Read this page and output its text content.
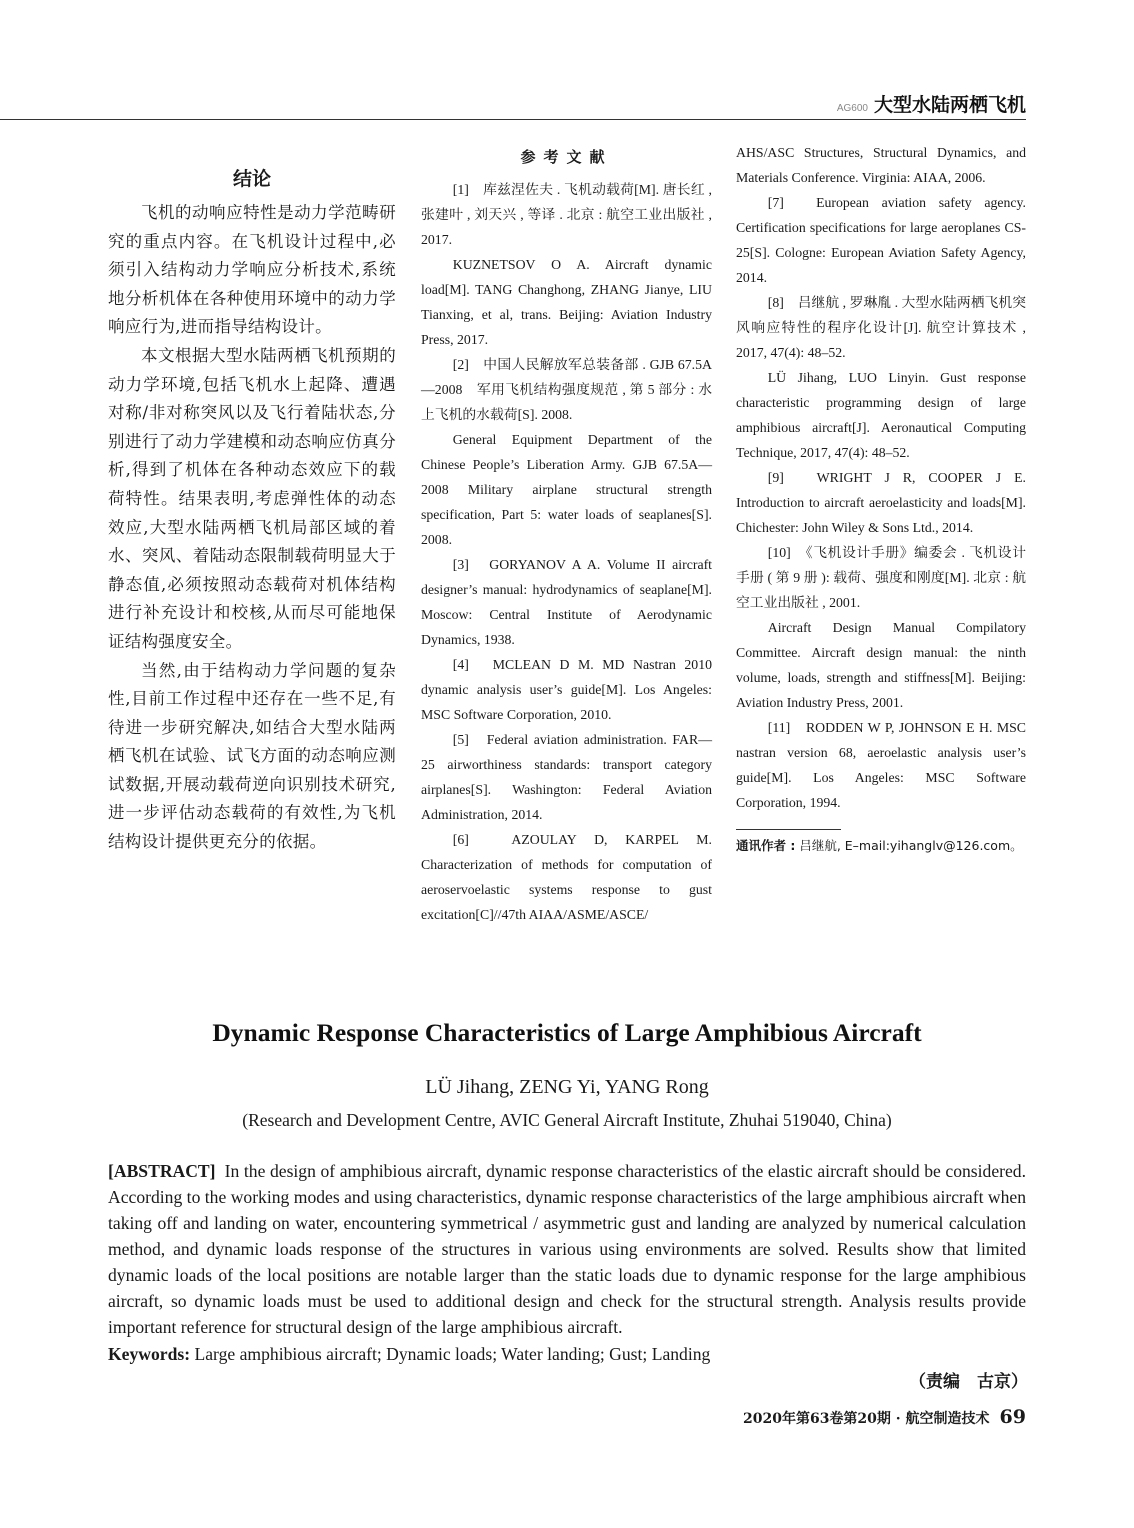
AG600 大型水陆两栖飞机
结论

飞机的动响应特性是动力学范畴研究的重点内容。在飞机设计过程中,必须引入结构动力学响应分析技术,系统地分析机体在各种使用环境中的动力学响应行为,进而指导结构设计。

本文根据大型水陆两栖飞机预期的动力学环境,包括飞机水上起降、遭遇对称/非对称突风以及飞行着陆状态,分别进行了动力学建模和动态响应仿真分析,得到了机体在各种动态效应下的载荷特性。结果表明,考虑弹性体的动态效应,大型水陆两栖飞机局部区域的着水、突风、着陆动态限制载荷明显大于静态值,必须按照动态载荷对机体结构进行补充设计和校核,从而尽可能地保证结构强度安全。

当然,由于结构动力学问题的复杂性,目前工作过程中还存在一些不足,有待进一步研究解决,如结合大型水陆两栖飞机在试验、试飞方面的动态响应测试数据,开展动载荷逆向识别技术研究,进一步评估动态载荷的有效性,为飞机结构设计提供更充分的依据。

参考文献

[1]　库兹涅佐夫 . 飞机动载荷[M]. 唐长红 , 张建叶 , 刘天兴 , 等译 . 北京 : 航空工业出版社 , 2017.

KUZNETSOV O A. Aircraft dynamic load[M]. TANG Changhong, ZHANG Jianye, LIU Tianxing, et al, trans. Beijing: Aviation Industry Press, 2017.

[2]　中国人民解放军总装备部 . GJB 67.5A—2008　军用飞机结构强度规范 , 第 5 部分 : 水上飞机的水载荷[S]. 2008.

General Equipment Department of the Chinese People’s Liberation Army. GJB 67.5A—2008 Military airplane structural strength specification, Part 5: water loads of seaplanes[S]. 2008.

[3]　GORYANOV A A. Volume II aircraft designer’s manual: hydrodynamics of seaplane[M]. Moscow: Central Institute of Aerodynamic Dynamics, 1938.

[4]　MCLEAN D M. MD Nastran 2010 dynamic analysis user’s guide[M]. Los Angeles: MSC Software Corporation, 2010.

[5]　Federal aviation administration. FAR—25 airworthiness standards: transport category airplanes[S]. Washington: Federal Aviation Administration, 2014.

[6]　AZOULAY D, KARPEL M. Characterization of methods for computation of aeroservoelastic systems response to gust excitation[C]//47th AIAA/ASME/ASCE/

AHS/ASC Structures, Structural Dynamics, and Materials Conference. Virginia: AIAA, 2006.

[7]　European aviation safety agency. Certification specifications for large aeroplanes CS-25[S]. Cologne: European Aviation Safety Agency, 2014.

[8]　吕继航 , 罗琳胤 . 大型水陆两栖飞机突风响应特性的程序化设计[J]. 航空计算技术 , 2017, 47(4): 48–52.

LÜ Jihang, LUO Linyin. Gust response characteristic programming design of large amphibious aircraft[J]. Aeronautical Computing Technique, 2017, 47(4): 48–52.

[9]　WRIGHT J R, COOPER J E. Introduction to aircraft aeroelasticity and loads[M]. Chichester: John Wiley & Sons Ltd., 2014.

[10]　《飞机设计手册》编委会 . 飞机设计手册 ( 第 9 册 ): 载荷、强度和刚度[M]. 北京 : 航空工业出版社 , 2001.

Aircraft Design Manual Compilatory Committee. Aircraft design manual: the ninth volume, loads, strength and stiffness[M]. Beijing: Aviation Industry Press, 2001.

[11]　RODDEN W P, JOHNSON E H. MSC nastran version 68, aeroelastic analysis user’s guide[M]. Los Angeles: MSC Software Corporation, 1994.

通讯作者 : 吕继航, E–mail:yihanglv@126.com。
Dynamic Response Characteristics of Large Amphibious Aircraft
LÜ Jihang, ZENG Yi, YANG Rong
(Research and Development Centre, AVIC General Aircraft Institute, Zhuhai 519040, China)

[ABSTRACT] In the design of amphibious aircraft, dynamic response characteristics of the elastic aircraft should be considered. According to the working modes and using characteristics, dynamic response characteristics of the large amphibious aircraft when taking off and landing on water, encountering symmetrical / asymmetric gust and landing are analyzed by numerical calculation method, and dynamic loads response of the structures in various using environments are solved. Results show that limited dynamic loads of the local positions are notable larger than the static loads due to dynamic response for the large amphibious aircraft, so dynamic loads must be used to additional design and check for the structural strength. Analysis results provide important reference for structural design of the large amphibious aircraft.

Keywords: Large amphibious aircraft; Dynamic loads; Water landing; Gust; Landing

（责编　古京）
2020年第63卷第20期 · 航空制造技术 69
